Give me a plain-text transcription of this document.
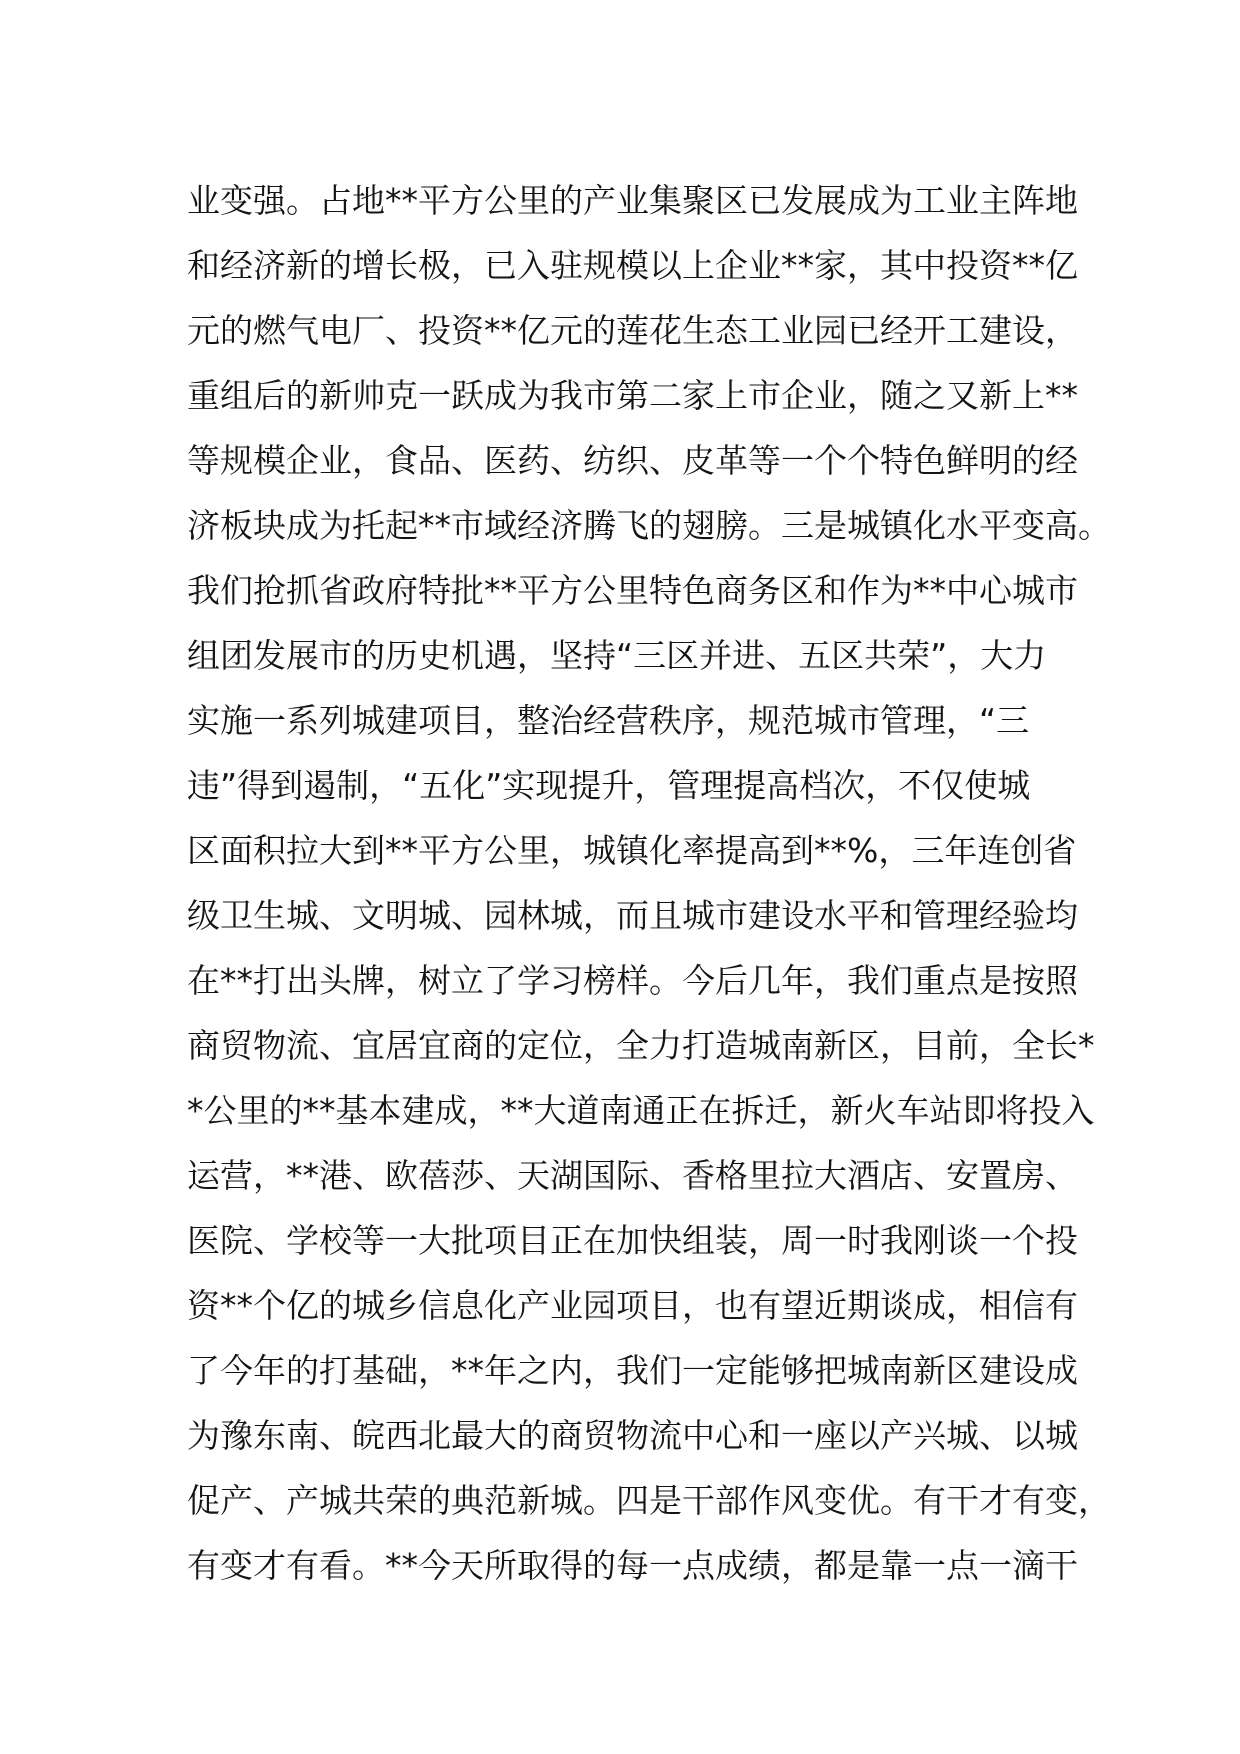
业变强。占地**平方公里的产业集聚区已发展成为工业主阵地
和经济新的增长极，已入驻规模以上企业**家，其中投资**亿
元的燃气电厂、投资**亿元的莲花生态工业园已经开工建设，
重组后的新帅克一跃成为我市第二家上市企业，随之又新上**
等规模企业，食品、医药、纺织、皮革等一个个特色鲜明的经
济板块成为托起**市域经济腾飞的翅膀。三是城镇化水平变高。
我们抢抓省政府特批**平方公里特色商务区和作为**中心城市
组团发展市的历史机遇，坚持“三区并进、五区共荣”，大力
实施一系列城建项目，整治经营秩序，规范城市管理，“三
违”得到遏制，“五化”实现提升，管理提高档次，不仅使城
区面积拉大到**平方公里，城镇化率提高到**%，三年连创省
级卫生城、文明城、园林城，而且城市建设水平和管理经验均
在**打出头牌，树立了学习榜样。今后几年，我们重点是按照
商贸物流、宜居宜商的定位，全力打造城南新区，目前，全长*
*公里的**基本建成，**大道南通正在拆迁，新火车站即将投入
运营，**港、欧蓓莎、天湖国际、香格里拉大酒店、安置房、
医院、学校等一大批项目正在加快组装，周一时我刚谈一个投
资**个亿的城乡信息化产业园项目，也有望近期谈成，相信有
了今年的打基础，**年之内，我们一定能够把城南新区建设成
为豫东南、皖西北最大的商贸物流中心和一座以产兴城、以城
促产、产城共荣的典范新城。四是干部作风变优。有干才有变，
有变才有看。**今天所取得的每一点成绩，都是靠一点一滴干
